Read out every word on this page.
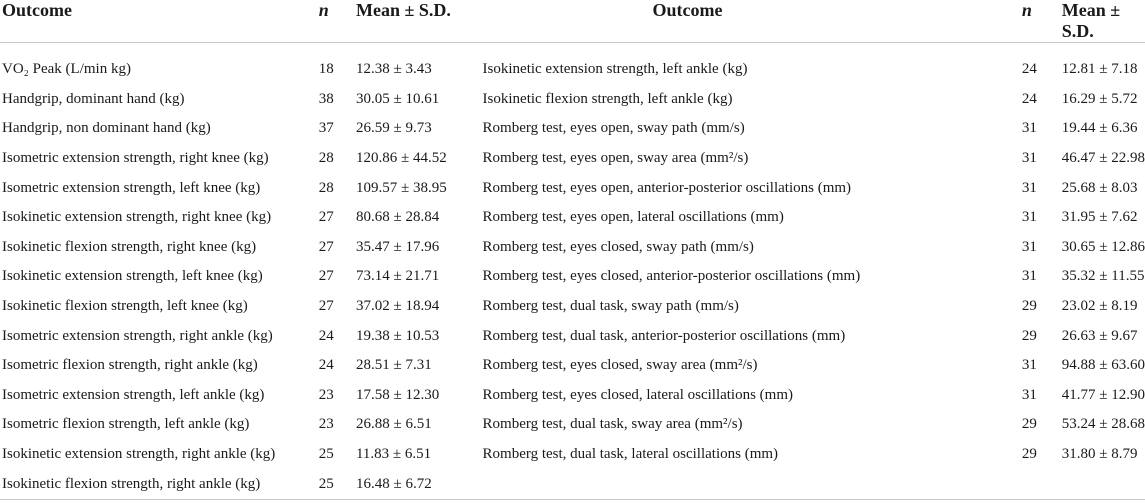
Outcome	n	Mean ± S.D.	Outcome	n	Mean ± S.D.

VO₂ Peak (L/min kg)	18	12.38 ± 3.43	Isokinetic extension strength, left ankle (kg)	24	12.81 ± 7.18
Handgrip, dominant hand (kg)	38	30.05 ± 10.61	Isokinetic flexion strength, left ankle (kg)	24	16.29 ± 5.72
Handgrip, non dominant hand (kg)	37	26.59 ± 9.73	Romberg test, eyes open, sway path (mm/s)	31	19.44 ± 6.36
Isometric extension strength, right knee (kg)	28	120.86 ± 44.52	Romberg test, eyes open, sway area (mm²/s)	31	46.47 ± 22.98
Isometric extension strength, left knee (kg)	28	109.57 ± 38.95	Romberg test, eyes open, anterior-posterior oscillations (mm)	31	25.68 ± 8.03
Isokinetic extension strength, right knee (kg)	27	80.68 ± 28.84	Romberg test, eyes open, lateral oscillations (mm)	31	31.95 ± 7.62
Isokinetic flexion strength, right knee (kg)	27	35.47 ± 17.96	Romberg test, eyes closed, sway path (mm/s)	31	30.65 ± 12.86
Isokinetic extension strength, left knee (kg)	27	73.14 ± 21.71	Romberg test, eyes closed, anterior-posterior oscillations (mm)	31	35.32 ± 11.55
Isokinetic flexion strength, left knee (kg)	27	37.02 ± 18.94	Romberg test, dual task, sway path (mm/s)	29	23.02 ± 8.19
Isometric extension strength, right ankle (kg)	24	19.38 ± 10.53	Romberg test, dual task, anterior-posterior oscillations (mm)	29	26.63 ± 9.67
Isometric flexion strength, right ankle (kg)	24	28.51 ± 7.31	Romberg test, eyes closed, sway area (mm²/s)	31	94.88 ± 63.60
Isometric extension strength, left ankle (kg)	23	17.58 ± 12.30	Romberg test, eyes closed, lateral oscillations (mm)	31	41.77 ± 12.90
Isometric flexion strength, left ankle (kg)	23	26.88 ± 6.51	Romberg test, dual task, sway area (mm²/s)	29	53.24 ± 28.68
Isokinetic extension strength, right ankle (kg)	25	11.83 ± 6.51	Romberg test, dual task, lateral oscillations (mm)	29	31.80 ± 8.79
Isokinetic flexion strength, right ankle (kg)	25	16.48 ± 6.72			
